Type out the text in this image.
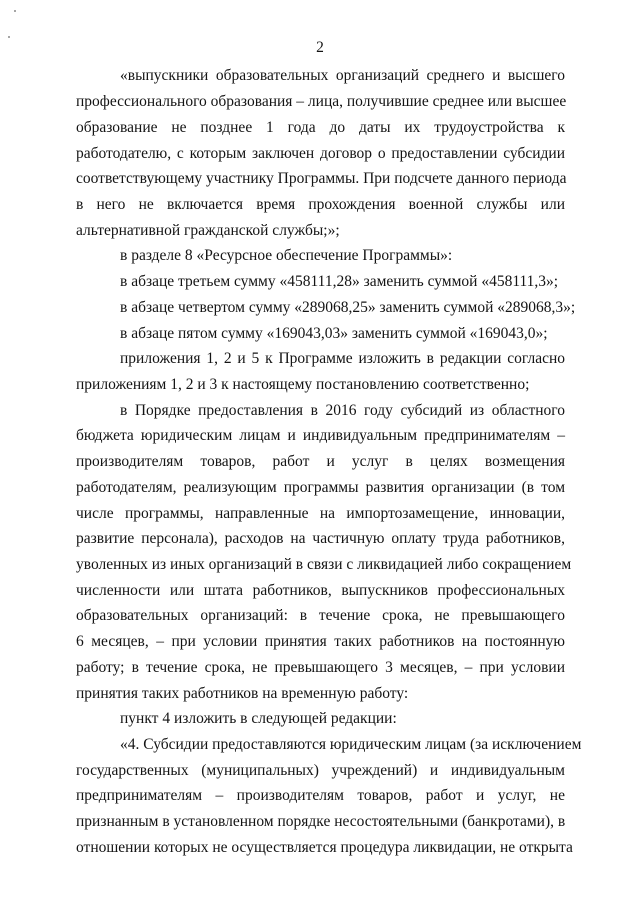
2
«выпускники образовательных организаций среднего и высшего
профессионального образования – лица, получившие среднее или высшее
образование не позднее 1 года до даты их трудоустройства к
работодателю, с которым заключен договор о предоставлении субсидии
соответствующему участнику Программы. При подсчете данного периода
в него не включается время прохождения военной службы или
альтернативной гражданской службы;»;
в разделе 8 «Ресурсное обеспечение Программы»:
в абзаце третьем сумму «458111,28» заменить суммой «458111,3»;
в абзаце четвертом сумму «289068,25» заменить суммой «289068,3»;
в абзаце пятом сумму «169043,03» заменить суммой «169043,0»;
приложения 1, 2 и 5 к Программе изложить в редакции согласно
приложениям 1, 2 и 3 к настоящему постановлению соответственно;
в Порядке предоставления в 2016 году субсидий из областного
бюджета юридическим лицам и индивидуальным предпринимателям –
производителям товаров, работ и услуг в целях возмещения
работодателям, реализующим программы развития организации (в том
числе программы, направленные на импортозамещение, инновации,
развитие персонала), расходов на частичную оплату труда работников,
уволенных из иных организаций в связи с ликвидацией либо сокращением
численности или штата работников, выпускников профессиональных
образовательных организаций: в течение срока, не превышающего
6 месяцев, – при условии принятия таких работников на постоянную
работу; в течение срока, не превышающего 3 месяцев, – при условии
принятия таких работников на временную работу:
пункт 4 изложить в следующей редакции:
«4. Субсидии предоставляются юридическим лицам (за исключением
государственных (муниципальных) учреждений) и индивидуальным
предпринимателям – производителям товаров, работ и услуг, не
признанным в установленном порядке несостоятельными (банкротами), в
отношении которых не осуществляется процедура ликвидации, не открыта
